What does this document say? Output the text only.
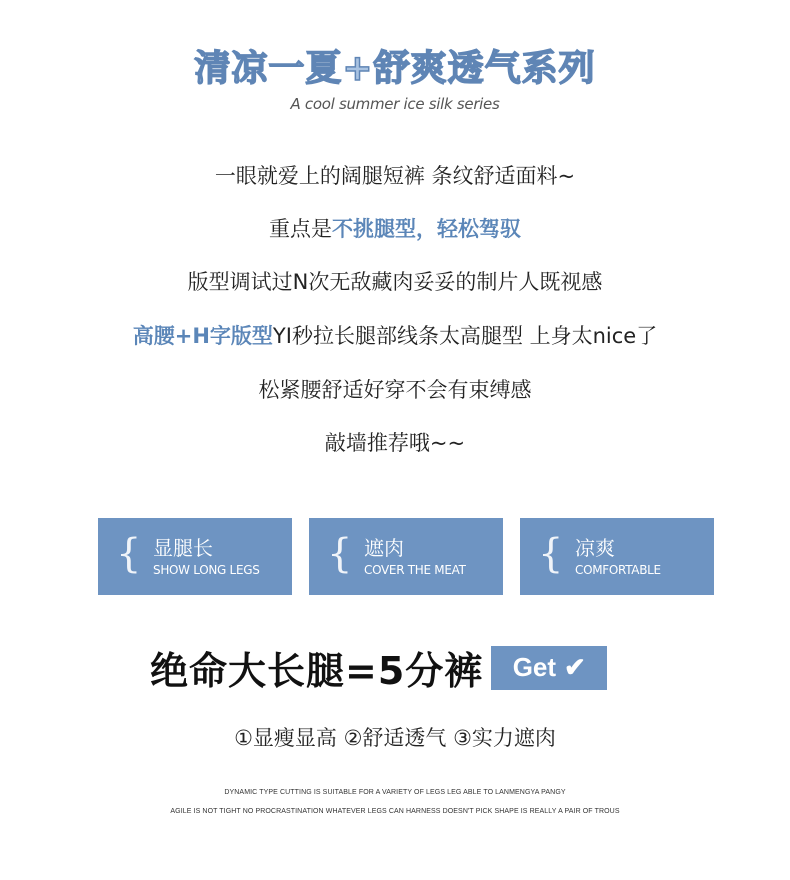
清凉一夏+舒爽透气系列
A cool summer ice silk series
一眼就爱上的阔腿短裤 条纹舒适面料~
重点是不挑腿型，轻松驾驭
版型调试过N次无敌藏肉妥妥的制片人既视感
高腰+H字版型YI秒拉长腿部线条太高腿型 上身太nice了
松紧腰舒适好穿不会有束缚感
敲墙推荐哦~~
{ 显腿长
SHOW LONG LEGS { 遮肉
COVER THE MEAT { 凉爽
COMFORTABLE
绝命大长腿=5分裤 Get ✔
①显瘦显高 ②舒适透气 ③实力遮肉
DYNAMIC TYPE CUTTING IS SUITABLE FOR A VARIETY OF LEGS LEG ABLE TO LANMENGYA PANGY
AGILE IS NOT TIGHT NO PROCRASTINATION WHATEVER LEGS CAN HARNESS DOESN'T PICK SHAPE IS REALLY A PAIR OF TROUS
